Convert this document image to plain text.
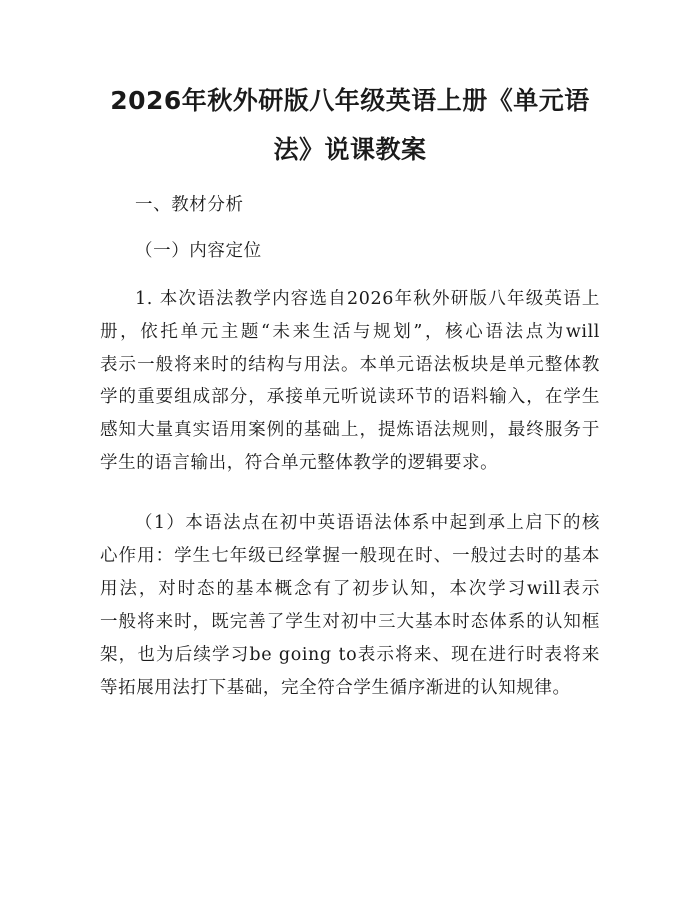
2026年秋外研版八年级英语上册《单元语
法》说课教案

一、教材分析

（一）内容定位

1. 本次语法教学内容选自2026年秋外研版八年级英语上

册，依托单元主题“未来生活与规划”，核心语法点为will

表示一般将来时的结构与用法。本单元语法板块是单元整体教

学的重要组成部分，承接单元听说读环节的语料输入，在学生

感知大量真实语用案例的基础上，提炼语法规则，最终服务于

学生的语言输出，符合单元整体教学的逻辑要求。

（1）本语法点在初中英语语法体系中起到承上启下的核

心作用：学生七年级已经掌握一般现在时、一般过去时的基本

用法，对时态的基本概念有了初步认知，本次学习will表示

一般将来时，既完善了学生对初中三大基本时态体系的认知框

架，也为后续学习be going to表示将来、现在进行时表将来

等拓展用法打下基础，完全符合学生循序渐进的认知规律。
